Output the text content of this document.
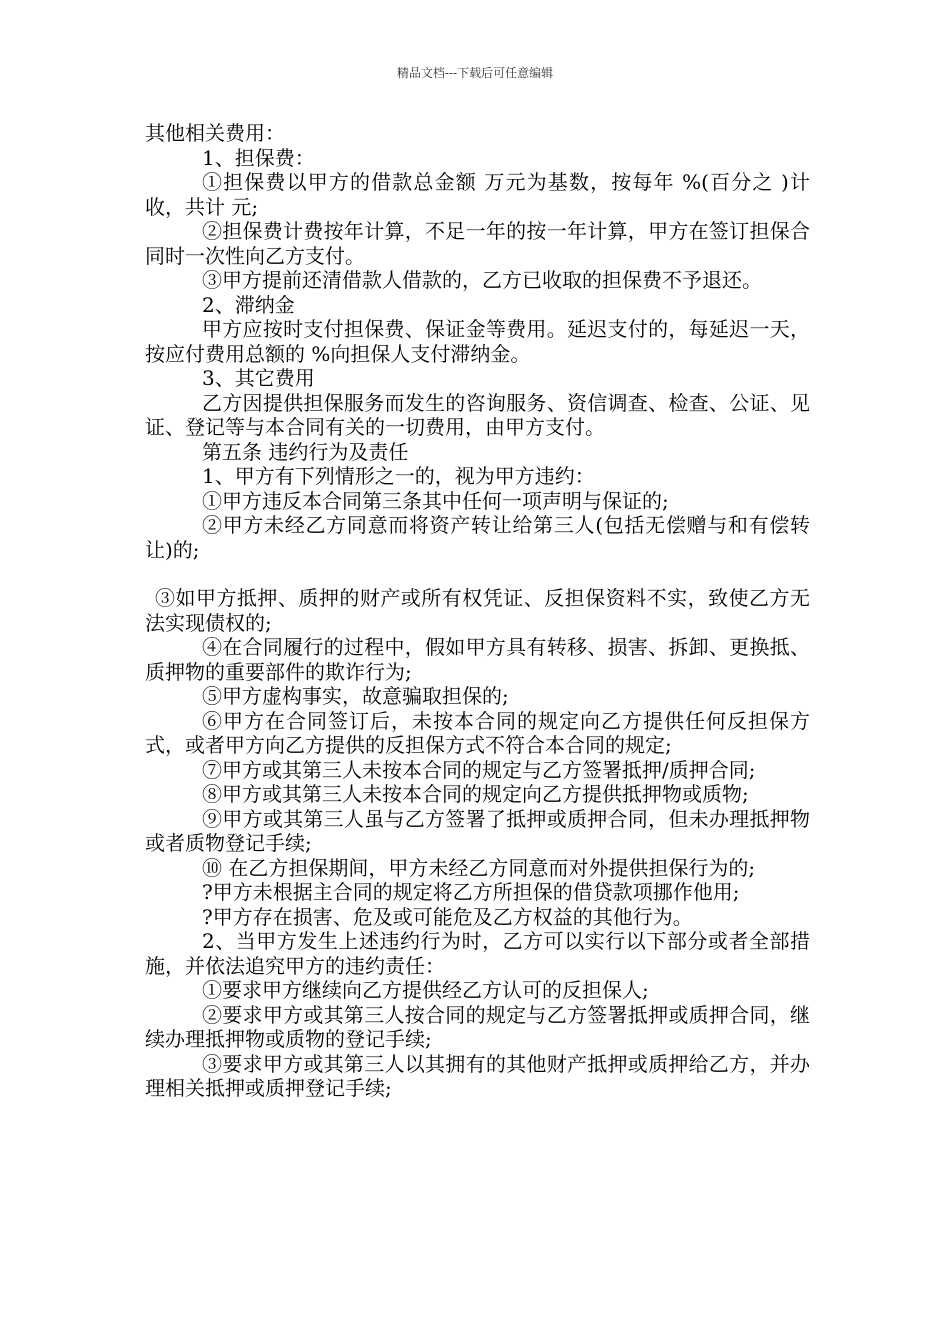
精品文档---下载后可任意编辑

其他相关费用：

1、担保费：

①担保费以甲方的借款总金额 万元为基数，按每年 %(百分之 )计收，共计 元;

②担保费计费按年计算，不足一年的按一年计算，甲方在签订担保合同时一次性向乙方支付。

③甲方提前还清借款人借款的，乙方已收取的担保费不予退还。

2、滞纳金

甲方应按时支付担保费、保证金等费用。延迟支付的，每延迟一天，按应付费用总额的 %向担保人支付滞纳金。

3、其它费用

乙方因提供担保服务而发生的咨询服务、资信调查、检查、公证、见证、登记等与本合同有关的一切费用，由甲方支付。

第五条 违约行为及责任

1、甲方有下列情形之一的，视为甲方违约：

①甲方违反本合同第三条其中任何一项声明与保证的;

②甲方未经乙方同意而将资产转让给第三人(包括无偿赠与和有偿转让)的;

③如甲方抵押、质押的财产或所有权凭证、反担保资料不实，致使乙方无法实现债权的;

④在合同履行的过程中，假如甲方具有转移、损害、拆卸、更换抵、质押物的重要部件的欺诈行为;

⑤甲方虚构事实，故意骗取担保的;

⑥甲方在合同签订后，未按本合同的规定向乙方提供任何反担保方式，或者甲方向乙方提供的反担保方式不符合本合同的规定;

⑦甲方或其第三人未按本合同的规定与乙方签署抵押/质押合同;

⑧甲方或其第三人未按本合同的规定向乙方提供抵押物或质物;

⑨甲方或其第三人虽与乙方签署了抵押或质押合同，但未办理抵押物或者质物登记手续;

⑩ 在乙方担保期间，甲方未经乙方同意而对外提供担保行为的;

?甲方未根据主合同的规定将乙方所担保的借贷款项挪作他用;

?甲方存在损害、危及或可能危及乙方权益的其他行为。

2、当甲方发生上述违约行为时，乙方可以实行以下部分或者全部措施，并依法追究甲方的违约责任：

①要求甲方继续向乙方提供经乙方认可的反担保人;

②要求甲方或其第三人按合同的规定与乙方签署抵押或质押合同，继续办理抵押物或质物的登记手续;

③要求甲方或其第三人以其拥有的其他财产抵押或质押给乙方，并办理相关抵押或质押登记手续;
